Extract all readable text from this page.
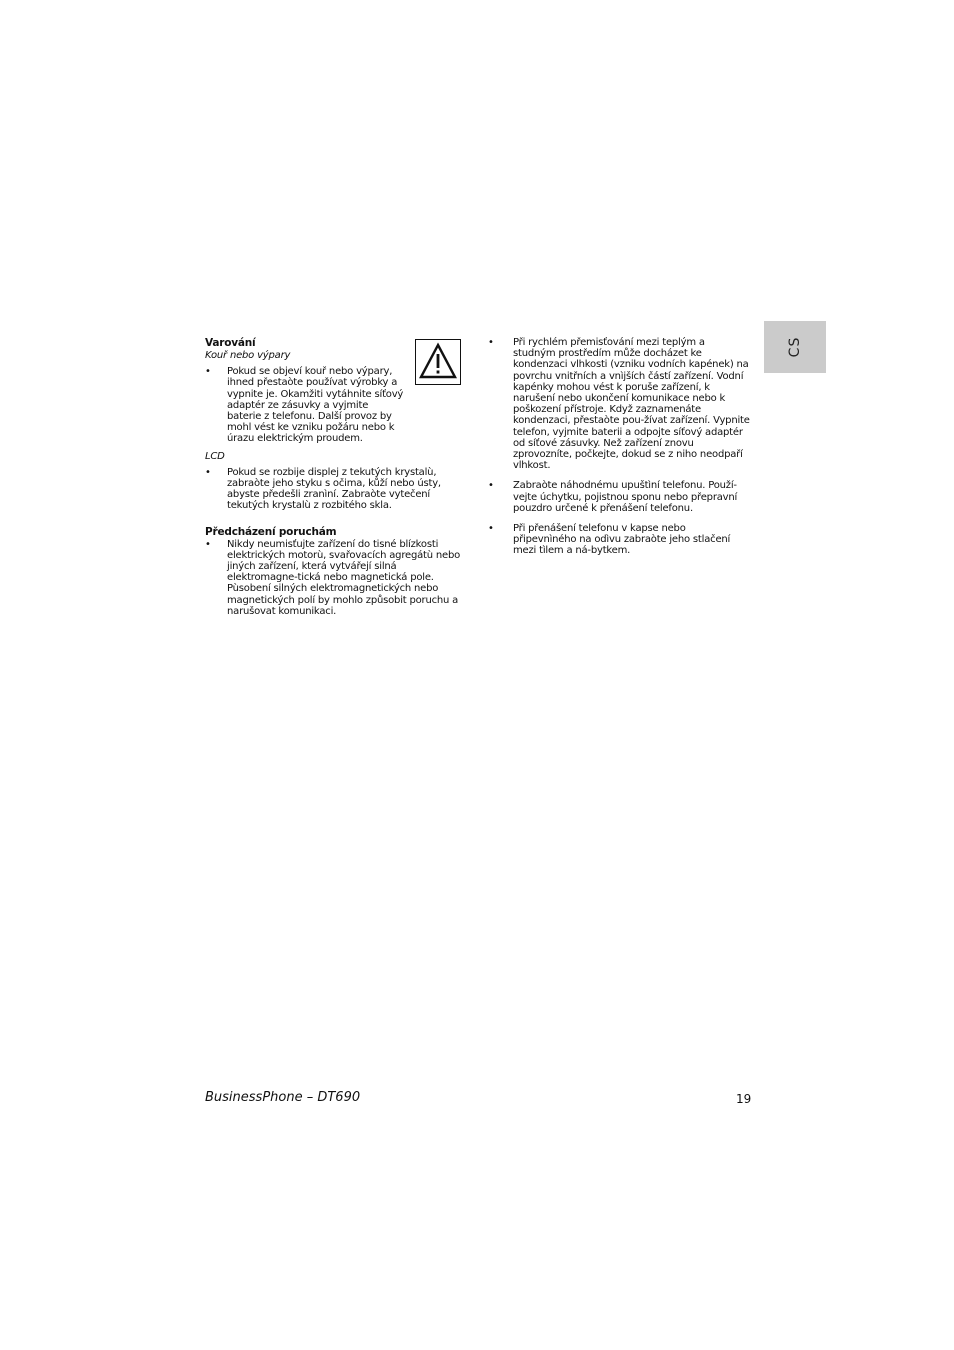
CS
Varování
Kouř nebo výpary
• Pokud se objeví kouř nebo výpary, ihned přestaòte používat výrobky a vypnite je. Okamžiti vytáhnite síťový adaptér ze zásuvky a vyjmite baterie z telefonu. Další provoz by mohl vést ke vzniku požáru nebo k úrazu elektrickým proudem.
LCD
• Pokud se rozbije displej z tekutých krystalù, zabraòte jeho styku s očima, kůží nebo ústy, abyste předešli zranìní. Zabraòte vytečení tekutých krystalù z rozbitého skla.
Předcházení poruchám
• Nikdy neumisťujte zařízení do tisné blízkosti elektrických motorù, svařovacích agregátù nebo jiných zařízení, která vytvářejí silná elektromagne-tická nebo magnetická pole. Pùsobení silných elektromagnetických nebo magnetických polí by mohlo způsobit poruchu a narušovat komunikaci.
• Při rychlém přemisťování mezi teplým a studným prostředím může docházet ke kondenzaci vlhkosti (vzniku vodních kapének) na povrchu vnitřních a vnìjších částí zařízení. Vodní kapénky mohou vést k poruše zařízení, k narušení nebo ukončení komunikace nebo k poškození přístroje. Když zaznamenáte kondenzaci, přestaòte pou-žívat zařízení. Vypnite telefon, vyjmite baterii a odpojte síťový adaptér od síťové zásuvky. Než zařízení znovu zprovozníte, počkejte, dokud se z niho neodpaří vlhkost.
• Zabraòte náhodnému upuštìní telefonu. Použí-vejte úchytku, pojistnou sponu nebo přepravní pouzdro určené k přenášení telefonu.
• Při přenášení telefonu v kapse nebo připevnìného na odìvu zabraòte jeho stlačení mezi tìlem a ná-bytkem.
BusinessPhone – DT690	19
